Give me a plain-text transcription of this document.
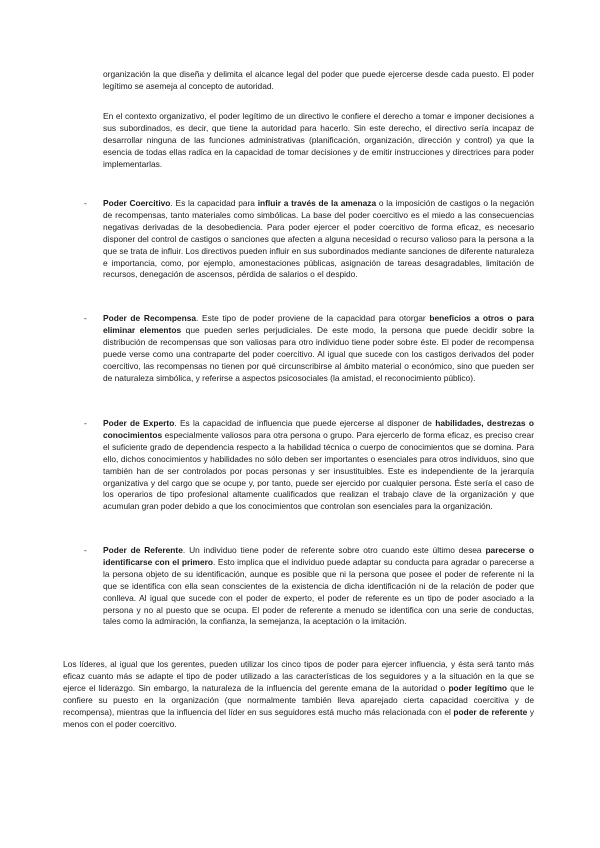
organización la que diseña y delimita el alcance legal del poder que puede ejercerse desde cada puesto. El poder legítimo se asemeja al concepto de autoridad.

En el contexto organizativo, el poder legítimo de un directivo le confiere el derecho a tomar e imponer decisiones a sus subordinados, es decir, que tiene la autoridad para hacerlo. Sin este derecho, el directivo sería incapaz de desarrollar ninguna de las funciones administrativas (planificación, organización, dirección y control) ya que la esencia de todas ellas radica en la capacidad de tomar decisiones y de emitir instrucciones y directrices para poder implementarlas.

- Poder Coercitivo. Es la capacidad para influir a través de la amenaza o la imposición de castigos o la negación de recompensas, tanto materiales como simbólicas. La base del poder coercitivo es el miedo a las consecuencias negativas derivadas de la desobediencia. Para poder ejercer el poder coercitivo de forma eficaz, es necesario disponer del control de castigos o sanciones que afecten a alguna necesidad o recurso valioso para la persona a la que se trata de influir. Los directivos pueden influir en sus subordinados mediante sanciones de diferente naturaleza e importancia, como, por ejemplo, amonestaciones públicas, asignación de tareas desagradables, limitación de recursos, denegación de ascensos, pérdida de salarios o el despido.

- Poder de Recompensa. Este tipo de poder proviene de la capacidad para otorgar beneficios a otros o para eliminar elementos que pueden serles perjudiciales. De este modo, la persona que puede decidir sobre la distribución de recompensas que son valiosas para otro individuo tiene poder sobre éste. El poder de recompensa puede verse como una contraparte del poder coercitivo. Al igual que sucede con los castigos derivados del poder coercitivo, las recompensas no tienen por qué circunscribirse al ámbito material o económico, sino que pueden ser de naturaleza simbólica, y referirse a aspectos psicosociales (la amistad, el reconocimiento público).

- Poder de Experto. Es la capacidad de influencia que puede ejercerse al disponer de habilidades, destrezas o conocimientos especialmente valiosos para otra persona o grupo. Para ejercerlo de forma eficaz, es preciso crear el suficiente grado de dependencia respecto a la habilidad técnica o cuerpo de conocimientos que se domina. Para ello, dichos conocimientos y habilidades no sólo deben ser importantes o esenciales para otros individuos, sino que también han de ser controlados por pocas personas y ser insustituibles. Este es independiente de la jerarquía organizativa y del cargo que se ocupe y, por tanto, puede ser ejercido por cualquier persona. Éste sería el caso de los operarios de tipo profesional altamente cualificados que realizan el trabajo clave de la organización y que acumulan gran poder debido a que los conocimientos que controlan son esenciales para la organización.

- Poder de Referente. Un individuo tiene poder de referente sobre otro cuando este último desea parecerse o identificarse con el primero. Esto implica que el individuo puede adaptar su conducta para agradar o parecerse a la persona objeto de su identificación, aunque es posible que ni la persona que posee el poder de referente ni la que se identifica con ella sean conscientes de la existencia de dicha identificación ni de la relación de poder que conlleva. Al igual que sucede con el poder de experto, el poder de referente es un tipo de poder asociado a la persona y no al puesto que se ocupa. El poder de referente a menudo se identifica con una serie de conductas, tales como la admiración, la confianza, la semejanza, la aceptación o la imitación.

Los líderes, al igual que los gerentes, pueden utilizar los cinco tipos de poder para ejercer influencia, y ésta será tanto más eficaz cuanto más se adapte el tipo de poder utilizado a las características de los seguidores y a la situación en la que se ejerce el liderazgo. Sin embargo, la naturaleza de la influencia del gerente emana de la autoridad o poder legítimo que le confiere su puesto en la organización (que normalmente también lleva aparejado cierta capacidad coercitiva y de recompensa), mientras que la influencia del líder en sus seguidores está mucho más relacionada con el poder de referente y menos con el poder coercitivo.
